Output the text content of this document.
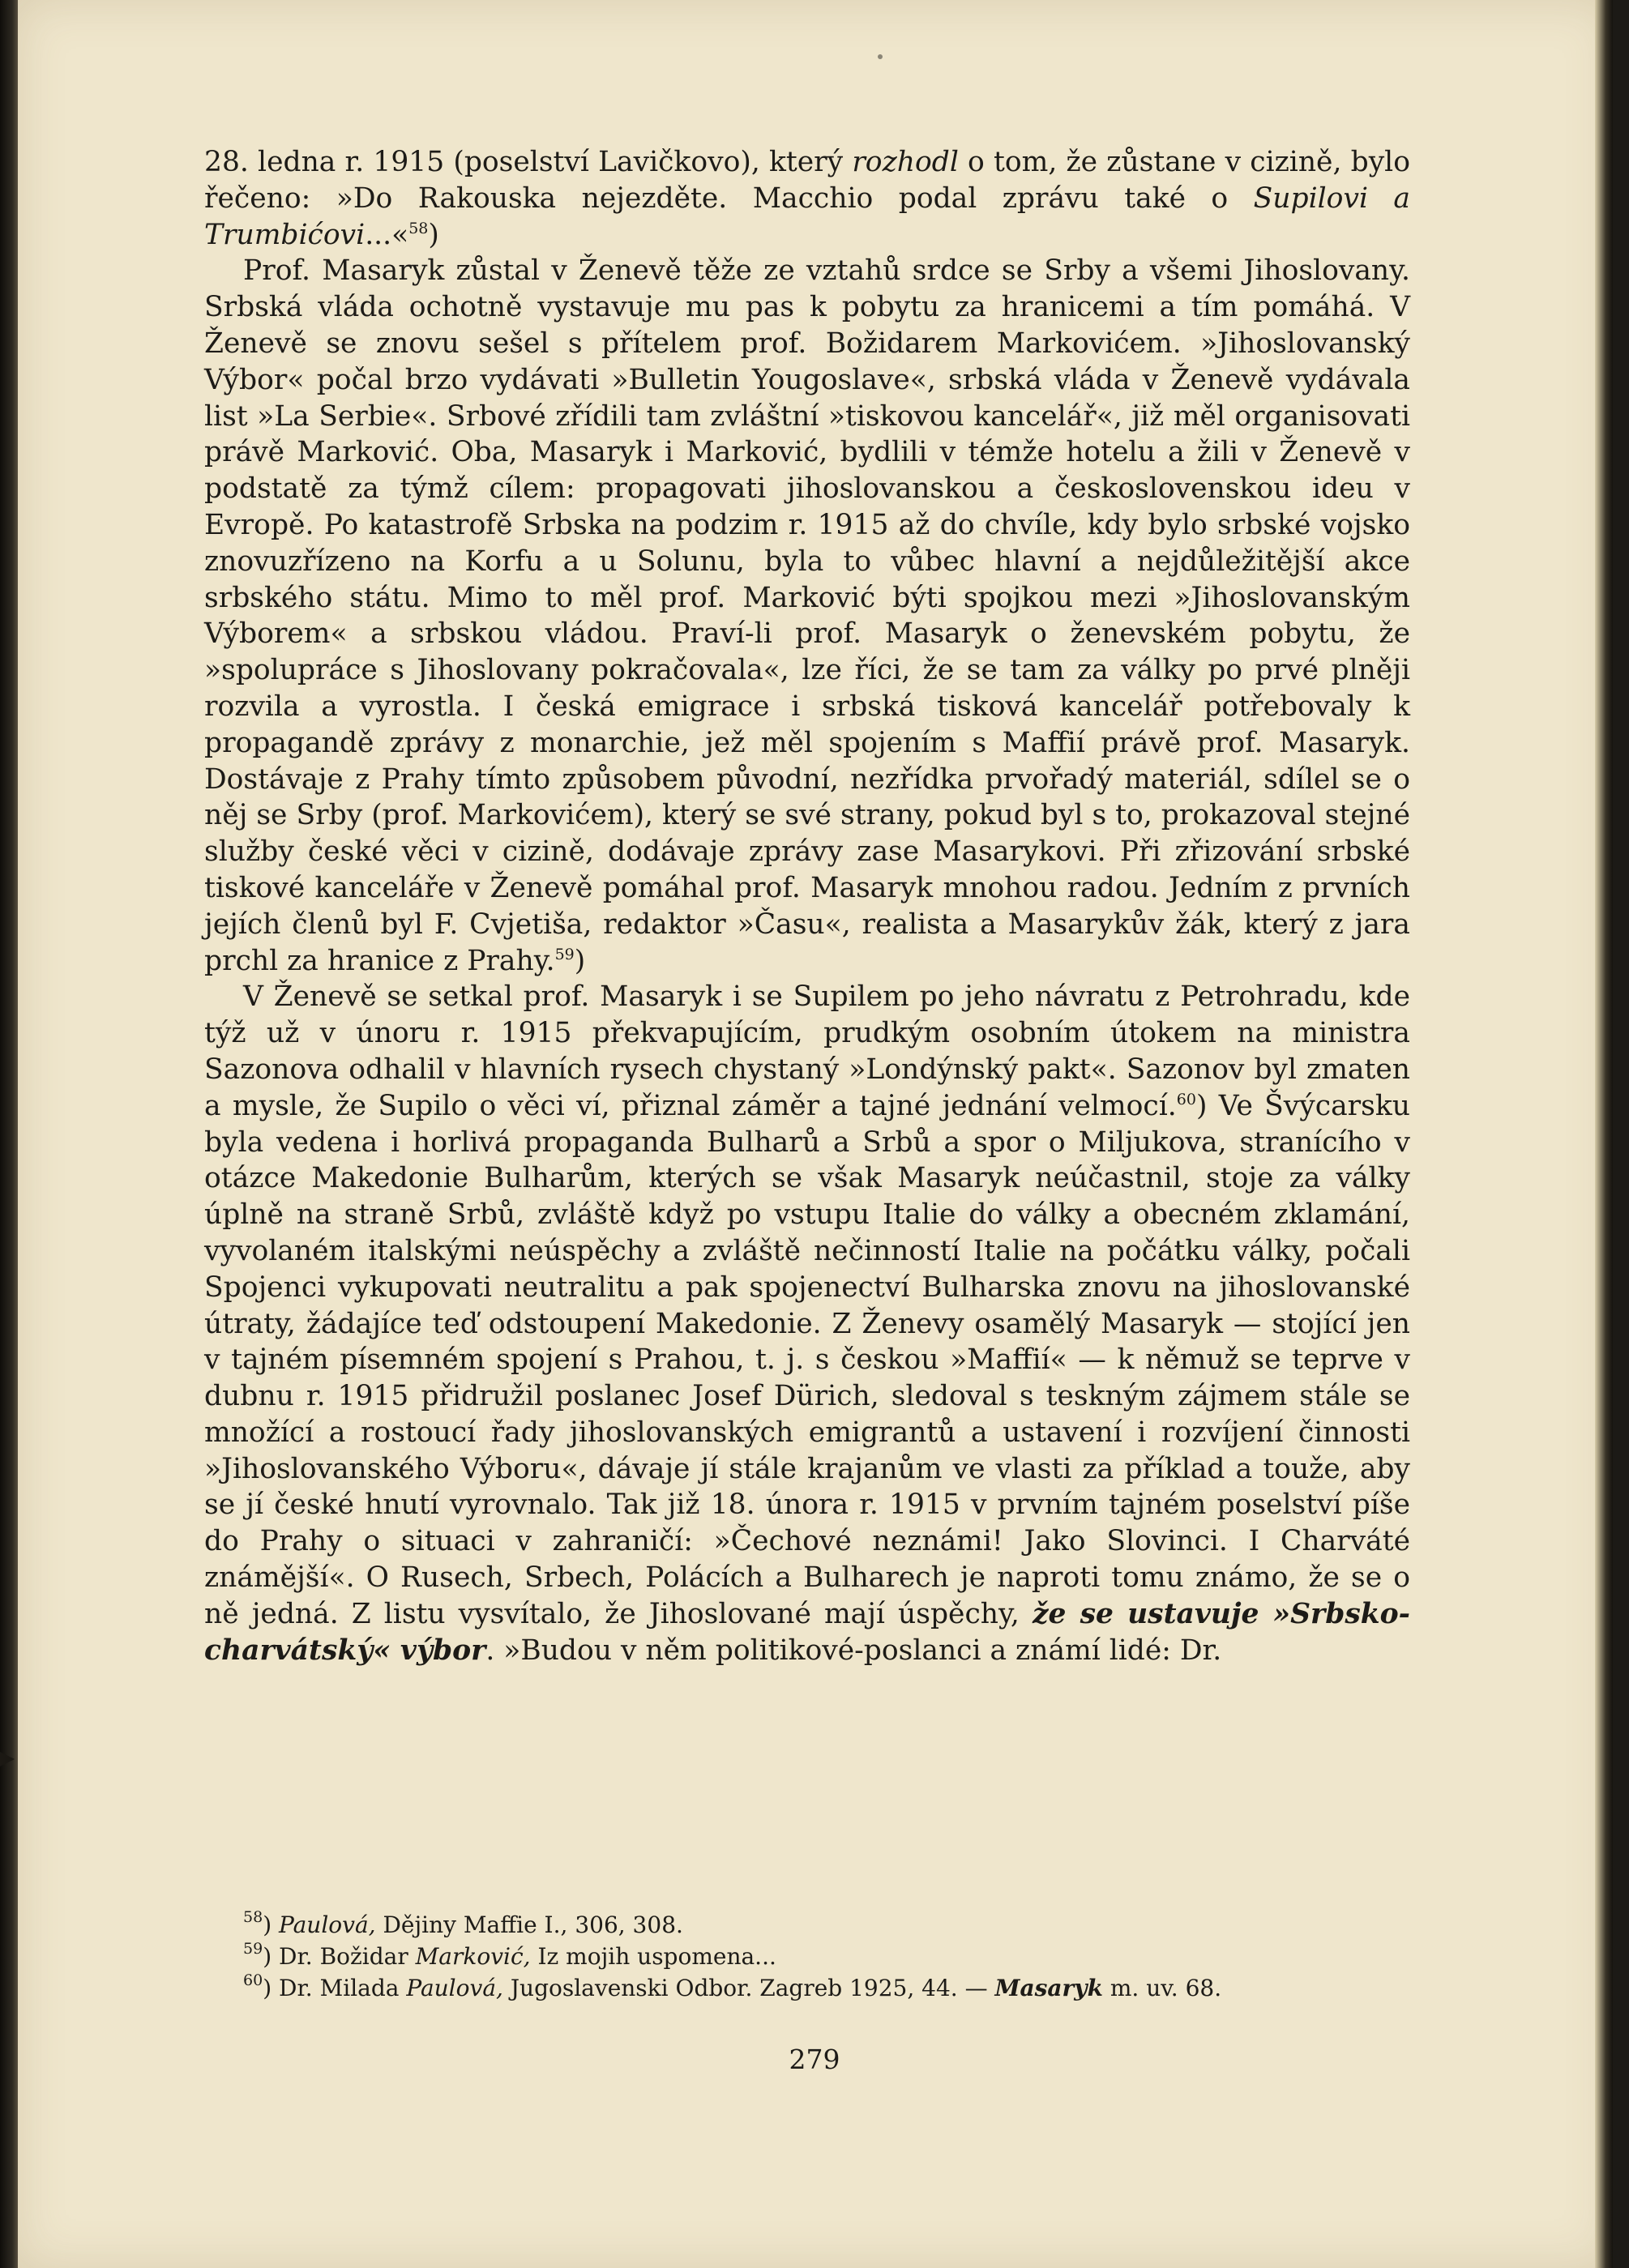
28. ledna r. 1915 (poselství Lavičkovo), který rozhodl o tom, že zůstane v cizině, bylo řečeno: »Do Rakouska nejezděte. Macchio podal zprávu také o Supilovi a Trumbićovi...«$^{58}$)

Prof. Masaryk zůstal v Ženevě těže ze vztahů srdce se Srby a všemi Jihoslovany. Srbská vláda ochotně vystavuje mu pas k pobytu za hranicemi a tím pomáhá. V Ženevě se znovu sešel s přítelem prof. Božidarem Markovićem. »Jihoslovanský Výbor« počal brzo vydávati »Bulletin Yougoslave«, srbská vláda v Ženevě vydávala list »La Serbie«. Srbové zřídili tam zvláštní »tiskovou kancelář«, již měl organisovati právě Marković. Oba, Masaryk i Marković, bydlili v témže hotelu a žili v Ženevě v podstatě za týmž cílem: propagovati jihoslovanskou a československou ideu v Evropě. Po katastrofě Srbska na podzim r. 1915 až do chvíle, kdy bylo srbské vojsko znovuzřízeno na Korfu a u Solunu, byla to vůbec hlavní a nejdůležitější akce srbského státu. Mimo to měl prof. Marković býti spojkou mezi »Jihoslovanským Výborem« a srbskou vládou. Praví-li prof. Masaryk o ženevském pobytu, že »spolupráce s Jihoslovany pokračovala«, lze říci, že se tam za války po prvé plněji rozvila a vyrostla. I česká emigrace i srbská tisková kancelář potřebovaly k propagandě zprávy z monarchie, jež měl spojením s Maffií právě prof. Masaryk. Dostávaje z Prahy tímto způsobem původní, nezřídka prvořadý materiál, sdílel se o něj se Srby (prof. Markovićem), který se své strany, pokud byl s to, prokazoval stejné služby české věci v cizině, dodávaje zprávy zase Masarykovi. Při zřizování srbské tiskové kanceláře v Ženevě pomáhal prof. Masaryk mnohou radou. Jedním z prvních jejích členů byl F. Cvjetiša, redaktor »Času«, realista a Masarykův žák, který z jara prchl za hranice z Prahy.$^{59}$)

V Ženevě se setkal prof. Masaryk i se Supilem po jeho návratu z Petrohradu, kde týž už v únoru r. 1915 překvapujícím, prudkým osobním útokem na ministra Sazonova odhalil v hlavních rysech chystaný »Londýnský pakt«. Sazonov byl zmaten a mysle, že Supilo o věci ví, přiznal záměr a tajné jednání velmocí.$^{60}$) Ve Švýcarsku byla vedena i horlivá propaganda Bulharů a Srbů a spor o Miljukova, stranícího v otázce Makedonie Bulharům, kterých se však Masaryk neúčastnil, stoje za války úplně na straně Srbů, zvláště když po vstupu Italie do války a obecném zklamání, vyvolaném italskými neúspěchy a zvláště nečinností Italie na počátku války, počali Spojenci vykupovati neutralitu a pak spojenectví Bulharska znovu na jihoslovanské útraty, žádajíce teď odstoupení Makedonie. Z Ženevy osamělý Masaryk — stojící jen v tajném písemném spojení s Prahou, t. j. s českou »Maffií« — k němuž se teprve v dubnu r. 1915 přidružil poslanec Josef Dürich, sledoval s teskným zájmem stále se množící a rostoucí řady jihoslovanských emigrantů a ustavení i rozvíjení činnosti »Jihoslovanského Výboru«, dávaje jí stále krajanům ve vlasti za příklad a touže, aby se jí české hnutí vyrovnalo. Tak již 18. února r. 1915 v prvním tajném poselství píše do Prahy o situaci v zahraničí: »Čechové neznámi! Jako Slovinci. I Charváté známější«. O Rusech, Srbech, Polácích a Bulharech je naproti tomu známo, že se o ně jedná. Z listu vysvítalo, že Jihoslované mají úspěchy, že se ustavuje »Srbsko-charvátský« výbor. »Budou v něm politikové-poslanci a známí lidé: Dr.

$^{58}$) Paulová, Dějiny Maffie I., 306, 308.
$^{59}$) Dr. Božidar Marković, Iz mojih uspomena...
$^{60}$) Dr. Milada Paulová, Jugoslavenski Odbor. Zagreb 1925, 44. — Masaryk m. uv. 68.
279
